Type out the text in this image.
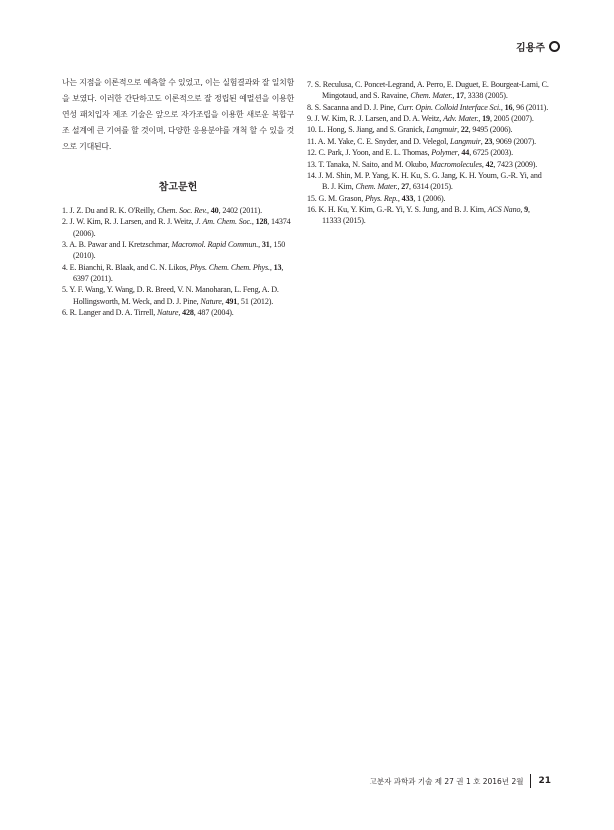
김용주

나는 지점을 이론적으로 예측할 수 있었고, 이는 실험결과와 잘 일치함을 보였다. 이러한 간단하고도 이론적으로 잘 정립된 예멀션을 이용한 연성 패치입자 제조 기술은 앞으로 자가조립을 이용한 새로운 복합구조 설계에 큰 기여를 할 것이며, 다양한 응용분야를 개척 할 수 있을 것으로 기대된다.

참고문헌
1. J. Z. Du and R. K. O'Reilly, Chem. Soc. Rev., 40, 2402 (2011).
2. J. W. Kim, R. J. Larsen, and R. J. Weitz, J. Am. Chem. Soc., 128, 14374 (2006).
3. A. B. Pawar and I. Kretzschmar, Macromol. Rapid Commun., 31, 150 (2010).
4. E. Bianchi, R. Blaak, and C. N. Likos, Phys. Chem. Chem. Phys., 13, 6397 (2011).
5. Y. F. Wang, Y. Wang, D. R. Breed, V. N. Manoharan, L. Feng, A. D. Hollingsworth, M. Weck, and D. J. Pine, Nature, 491, 51 (2012).
6. R. Langer and D. A. Tirrell, Nature, 428, 487 (2004).
7. S. Reculusa, C. Poncet-Legrand, A. Perro, E. Duguet, E. Bourgeat-Lami, C. Mingotaud, and S. Ravaine, Chem. Mater., 17, 3338 (2005).
8. S. Sacanna and D. J. Pine, Curr. Opin. Colloid Interface Sci., 16, 96 (2011).
9. J. W. Kim, R. J. Larsen, and D. A. Weitz, Adv. Mater., 19, 2005 (2007).
10. L. Hong, S. Jiang, and S. Granick, Langmuir, 22, 9495 (2006).
11. A. M. Yake, C. E. Snyder, and D. Velegol, Langmuir, 23, 9069 (2007).
12. C. Park, J. Yoon, and E. L. Thomas, Polymer, 44, 6725 (2003).
13. T. Tanaka, N. Saito, and M. Okubo, Macromolecules, 42, 7423 (2009).
14. J. M. Shin, M. P. Yang, K. H. Ku, S. G. Jang, K. H. Youm, G.-R. Yi, and B. J. Kim, Chem. Mater., 27, 6314 (2015).
15. G. M. Grason, Phys. Rep., 433, 1 (2006).
16. K. H. Ku, Y. Kim, G.-R. Yi, Y. S. Jung, and B. J. Kim, ACS Nano, 9, 11333 (2015).
고분자 과학과 기술 제 27 권 1 호 2016년 2월 21
